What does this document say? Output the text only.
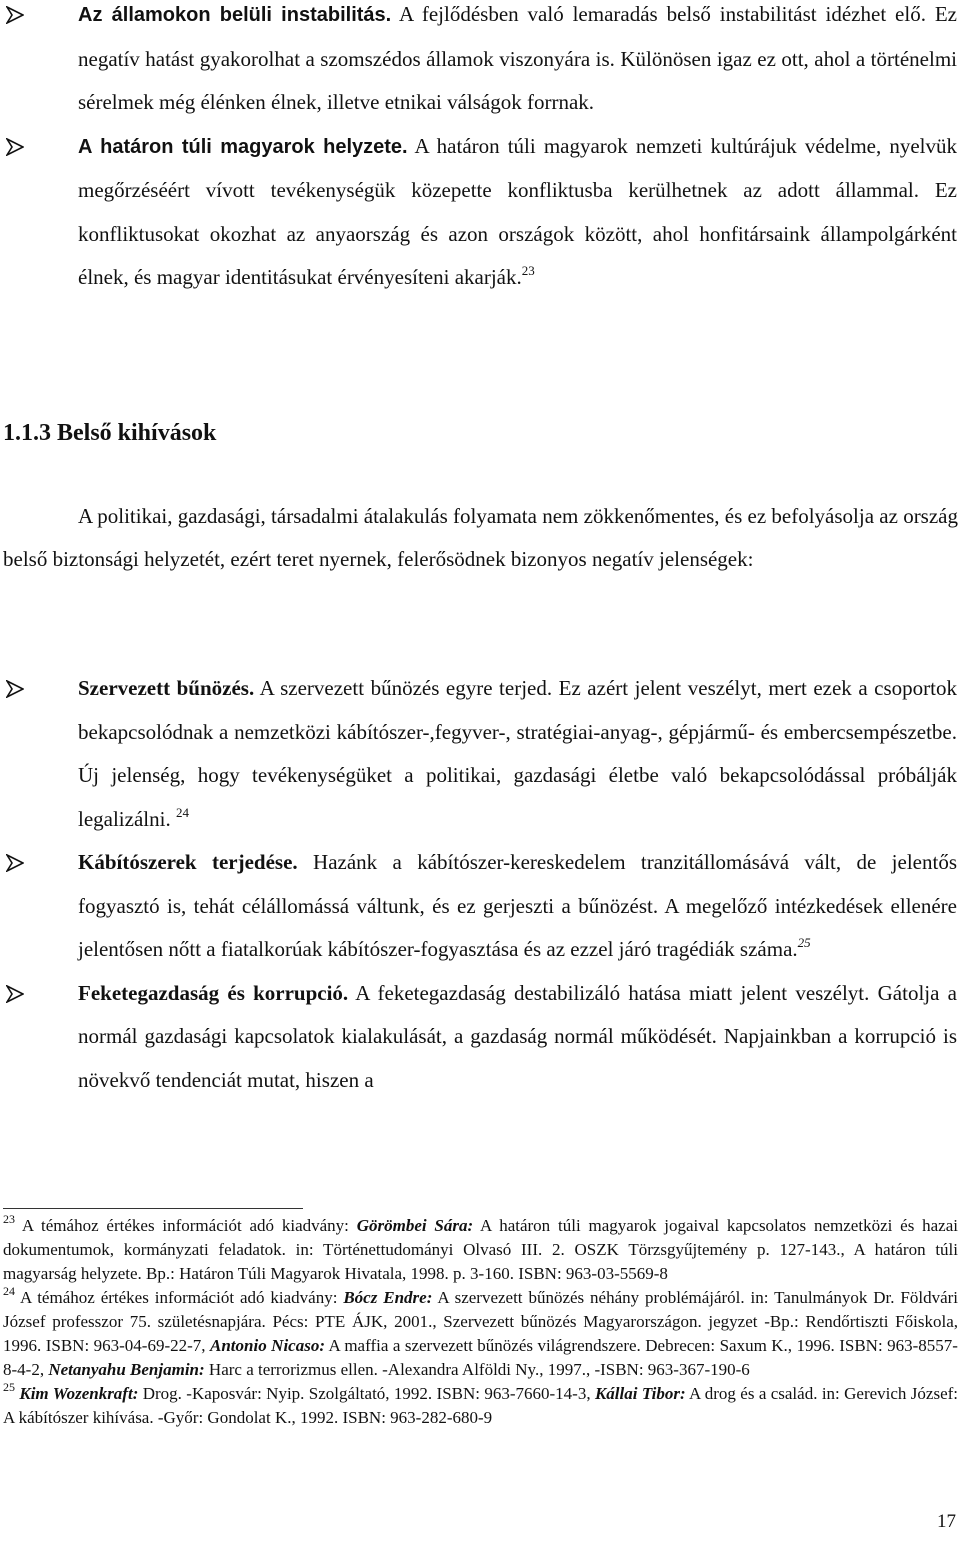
Az államokon belüli instabilitás. A fejlődésben való lemaradás belső instabilitást idézhet elő. Ez negatív hatást gyakorolhat a szomszédos államok viszonyára is. Különösen igaz ez ott, ahol a történelmi sérelmek még élénken élnek, illetve etnikai válságok forrnak.
A határon túli magyarok helyzete. A határon túli magyarok nemzeti kultúrájuk védelme, nyelvük megőrzéséért vívott tevékenységük közepette konfliktusba kerülhetnek az adott állammal. Ez konfliktusokat okozhat az anyaország és azon országok között, ahol honfitársaink állampolgárként élnek, és magyar identitásukat érvényesíteni akarják.$^{23}$
1.1.3 Belső kihívások

A politikai, gazdasági, társadalmi átalakulás folyamata nem zökkenőmentes, és ez befolyásolja az ország belső biztonsági helyzetét, ezért teret nyernek, felerősödnek bizonyos negatív jelenségek:

Szervezett bűnözés. A szervezett bűnözés egyre terjed. Ez azért jelent veszélyt, mert ezek a csoportok bekapcsolódnak a nemzetközi kábítószer-,fegyver-, stratégiai-anyag-, gépjármű- és embercsempészetbe. Új jelenség, hogy tevékenységüket a politikai, gazdasági életbe való bekapcsolódással próbálják legalizálni. $^{24}$
Kábítószerek terjedése. Hazánk a kábítószer-kereskedelem tranzitállomásává vált, de jelentős fogyasztó is, tehát célállomássá váltunk, és ez gerjeszti a bűnözést. A megelőző intézkedések ellenére jelentősen nőtt a fiatalkorúak kábítószer-fogyasztása és az ezzel járó tragédiák száma.$^{25}$
Feketegazdaság és korrupció. A feketegazdaság destabilizáló hatása miatt jelent veszélyt. Gátolja a normál gazdasági kapcsolatok kialakulását, a gazdaság normál működését. Napjainkban a korrupció is növekvő tendenciát mutat, hiszen a

$^{23}$ A témához értékes információt adó kiadvány: Görömbei Sára: A határon túli magyarok jogaival kapcsolatos nemzetközi és hazai dokumentumok, kormányzati feladatok. in: Történettudományi Olvasó III. 2. OSZK Törzsgyűjtemény p. 127-143., A határon túli magyarság helyzete. Bp.: Határon Túli Magyarok Hivatala, 1998. p. 3-160. ISBN: 963-03-5569-8

$^{24}$ A témához értékes információt adó kiadvány: Bócz Endre: A szervezett bűnözés néhány problémájáról. in: Tanulmányok Dr. Földvári József professzor 75. születésnapjára. Pécs: PTE ÁJK, 2001., Szervezett bűnözés Magyarországon. jegyzet -Bp.: Rendőrtiszti Főiskola, 1996. ISBN: 963-04-69-22-7, Antonio Nicaso: A maffia a szervezett bűnözés világrendszere. Debrecen: Saxum K., 1996. ISBN: 963-8557-8-4-2, Netanyahu Benjamin: Harc a terrorizmus ellen. -Alexandra Alföldi Ny., 1997., -ISBN: 963-367-190-6

$^{25}$ Kim Wozenkraft: Drog. -Kaposvár: Nyip. Szolgáltató, 1992. ISBN: 963-7660-14-3, Kállai Tibor: A drog és a család. in: Gerevich József: A kábítószer kihívása. -Győr: Gondolat K., 1992. ISBN: 963-282-680-9

17
